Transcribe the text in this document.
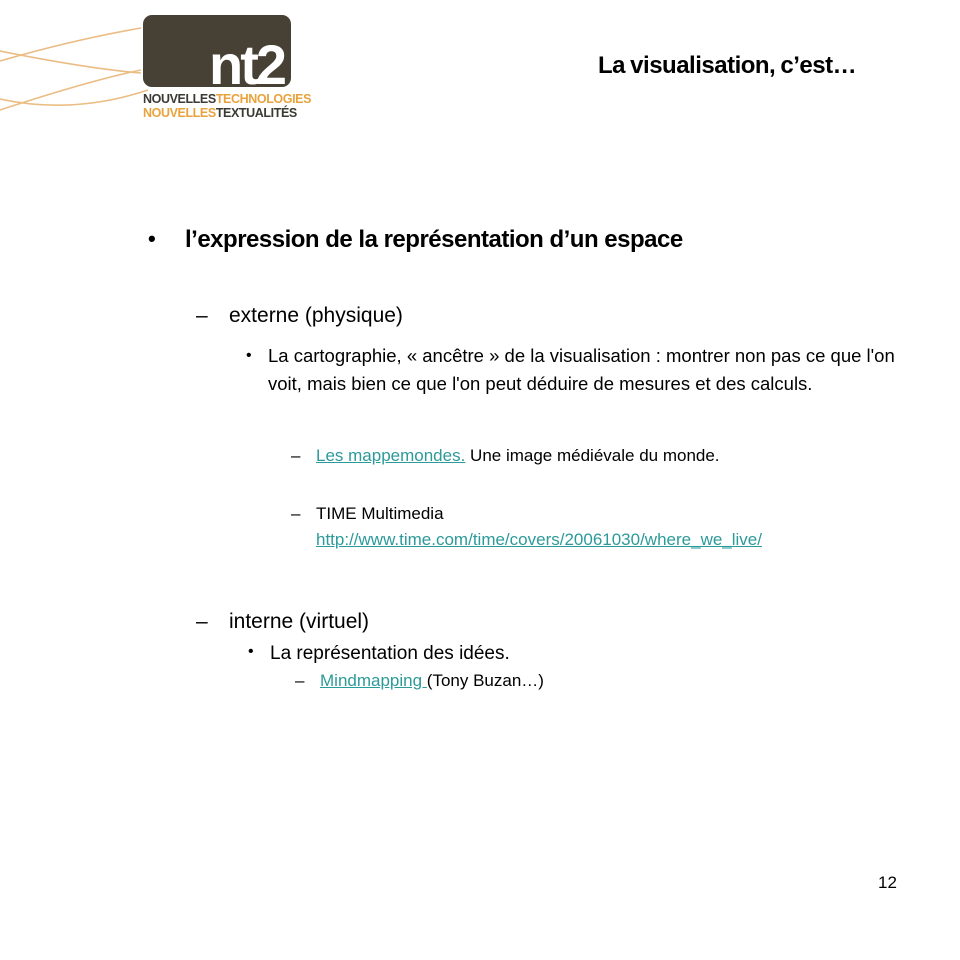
nt2
NOUVELLESTECHNOLOGIES
NOUVELLESTEXTUALITÉS
La visualisation, c’est…
•	l’expression de la représentation d’un espace
–	externe (physique)
• La cartographie, « ancêtre » de la visualisation : montrer non pas ce que l'on voit, mais bien ce que l'on peut déduire de mesures et des calculs.
– Les mappemondes. Une image médiévale du monde.
– TIME Multimedia
http://www.time.com/time/covers/20061030/where_we_live/
–	interne (virtuel)
• La représentation des idées.
– Mindmapping (Tony Buzan…)
12
